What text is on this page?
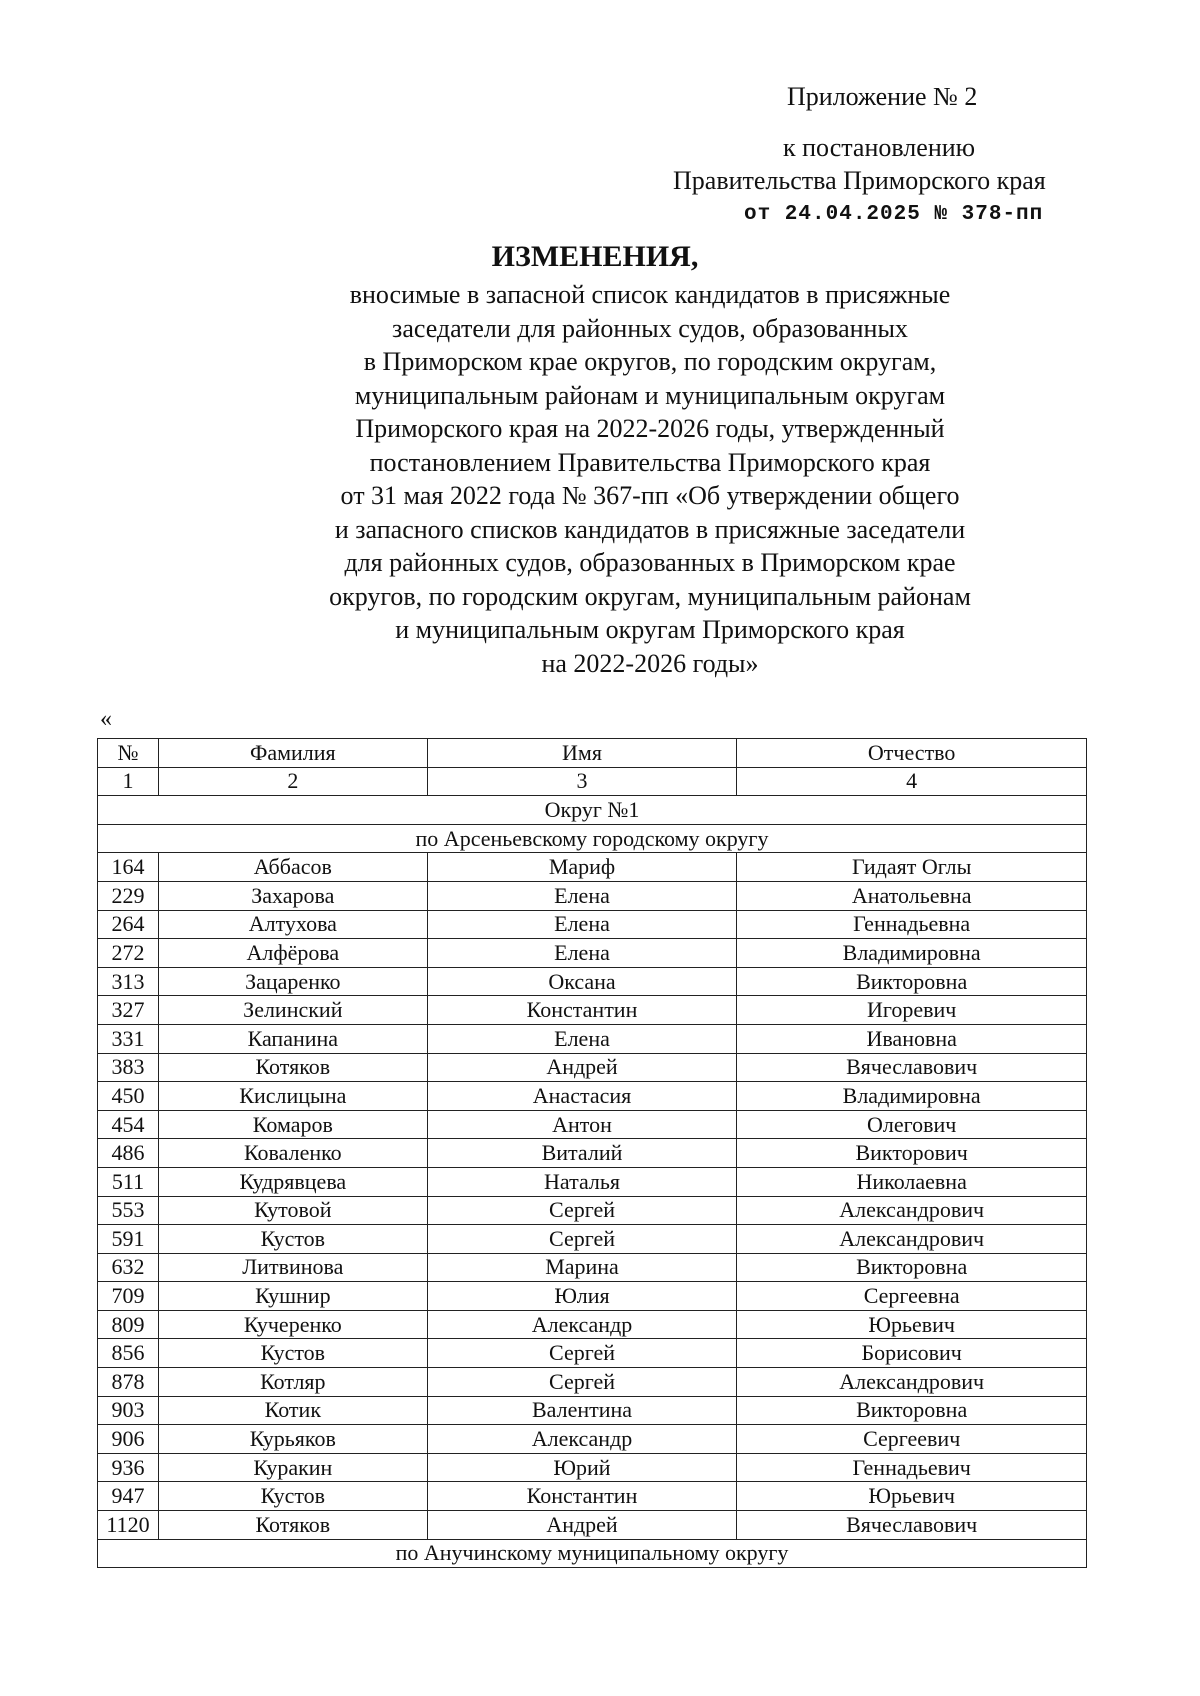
Приложение № 2
к постановлению
Правительства Приморского края
от 24.04.2025 № 378-пп
ИЗМЕНЕНИЯ,
вносимые в запасной список кандидатов в присяжные
заседатели для районных судов, образованных
в Приморском крае округов, по городским округам,
муниципальным районам и муниципальным округам
Приморского края на 2022-2026 годы, утвержденный
постановлением Правительства Приморского края
от 31 мая 2022 года № 367-пп «Об утверждении общего
и запасного списков кандидатов в присяжные заседатели
для районных судов, образованных в Приморском крае
округов, по городским округам, муниципальным районам
и муниципальным округам Приморского края
на 2022-2026 годы»
«
№	Фамилия	Имя	Отчество
1	2	3	4
Округ №1			
по Арсеньевскому городскому округу			
164	Аббасов	Мариф	Гидаят Оглы
229	Захарова	Елена	Анатольевна
264	Алтухова	Елена	Геннадьевна
272	Алфёрова	Елена	Владимировна
313	Зацаренко	Оксана	Викторовна
327	Зелинский	Константин	Игоревич
331	Капанина	Елена	Ивановна
383	Котяков	Андрей	Вячеславович
450	Кислицына	Анастасия	Владимировна
454	Комаров	Антон	Олегович
486	Коваленко	Виталий	Викторович
511	Кудрявцева	Наталья	Николаевна
553	Кутовой	Сергей	Александрович
591	Кустов	Сергей	Александрович
632	Литвинова	Марина	Викторовна
709	Кушнир	Юлия	Сергеевна
809	Кучеренко	Александр	Юрьевич
856	Кустов	Сергей	Борисович
878	Котляр	Сергей	Александрович
903	Котик	Валентина	Викторовна
906	Курьяков	Александр	Сергеевич
936	Куракин	Юрий	Геннадьевич
947	Кустов	Константин	Юрьевич
1120	Котяков	Андрей	Вячеславович
по Анучинскому муниципальному округу			
